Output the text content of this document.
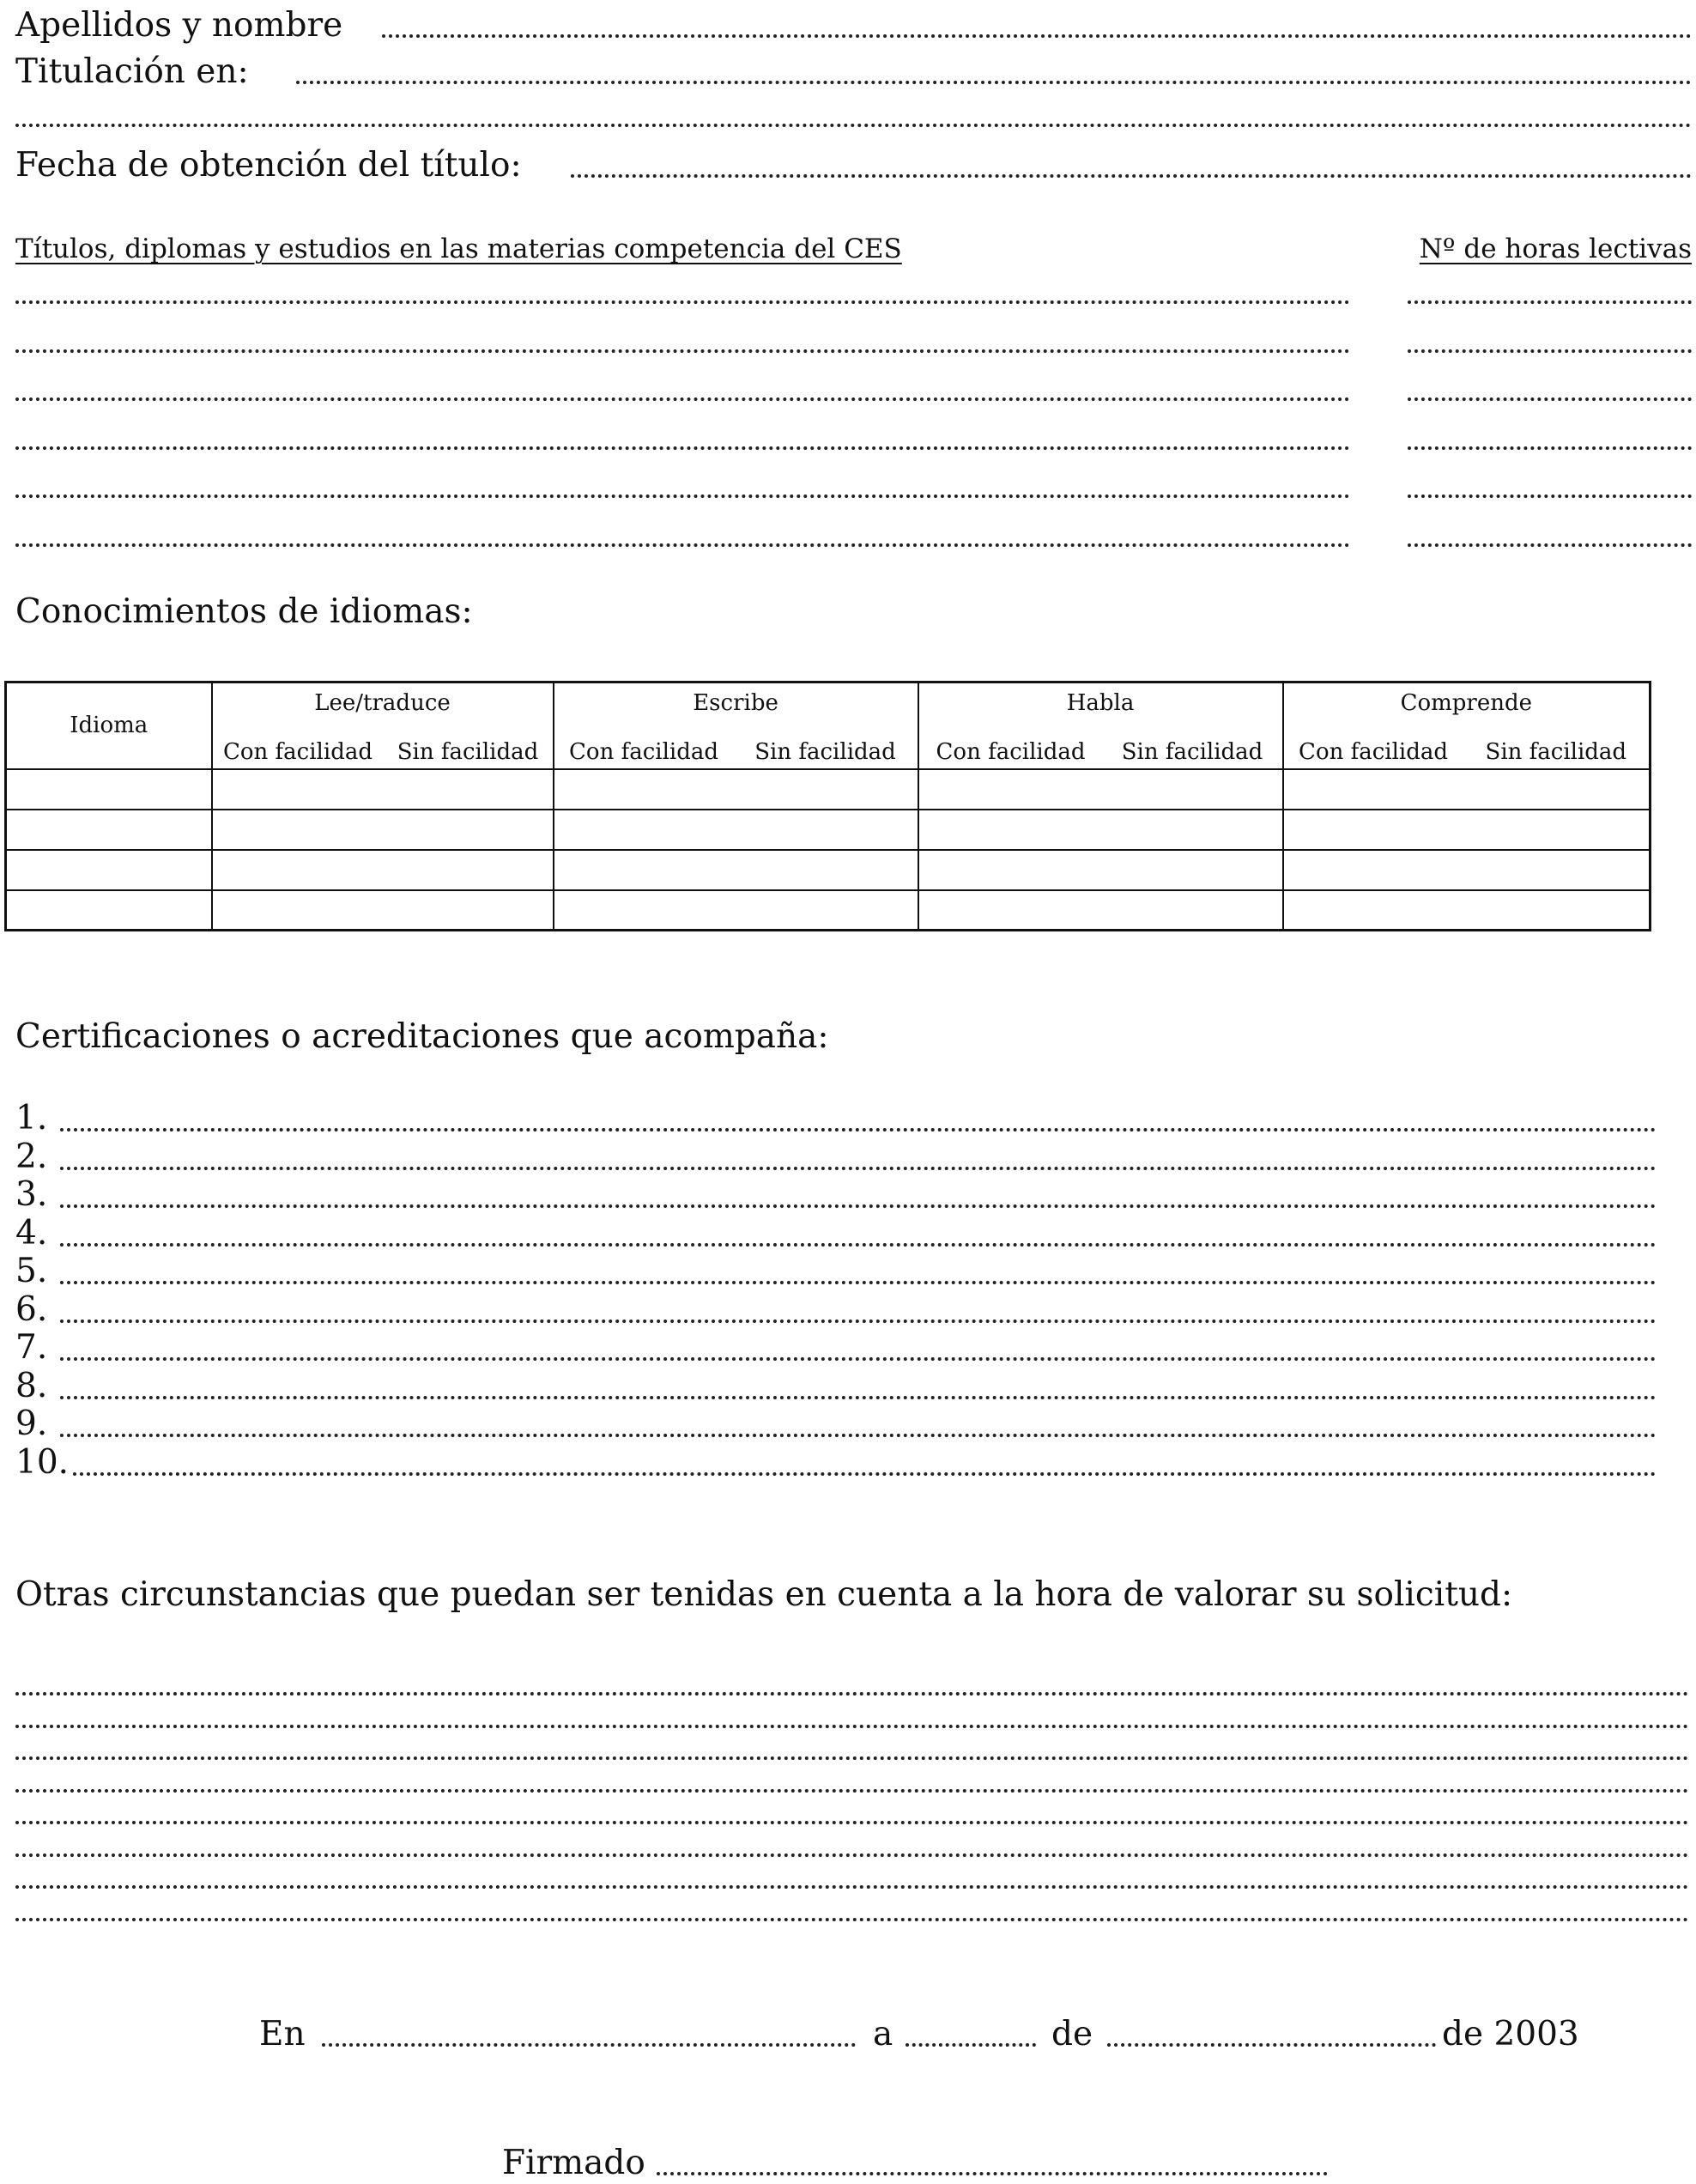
Apellidos y nombre
Titulación en:
Fecha de obtención del título:
Títulos, diplomas y estudios en las materias competencia del CES	Nº de horas lectivas
Conocimientos de idiomas:
Idioma	Lee/traduce		Escribe		Habla		Comprende	
	Con facilidad	Sin facilidad	Con facilidad	Sin facilidad	Con facilidad	Sin facilidad	Con facilidad	Sin facilidad

Certificaciones o acreditaciones que acompaña:
1.
2.
3.
4.
5.
6.
7.
8.
9.
10.
Otras circunstancias que puedan ser tenidas en cuenta a la hora de valorar su solicitud:
En	a	de	de 2003
Firmado
